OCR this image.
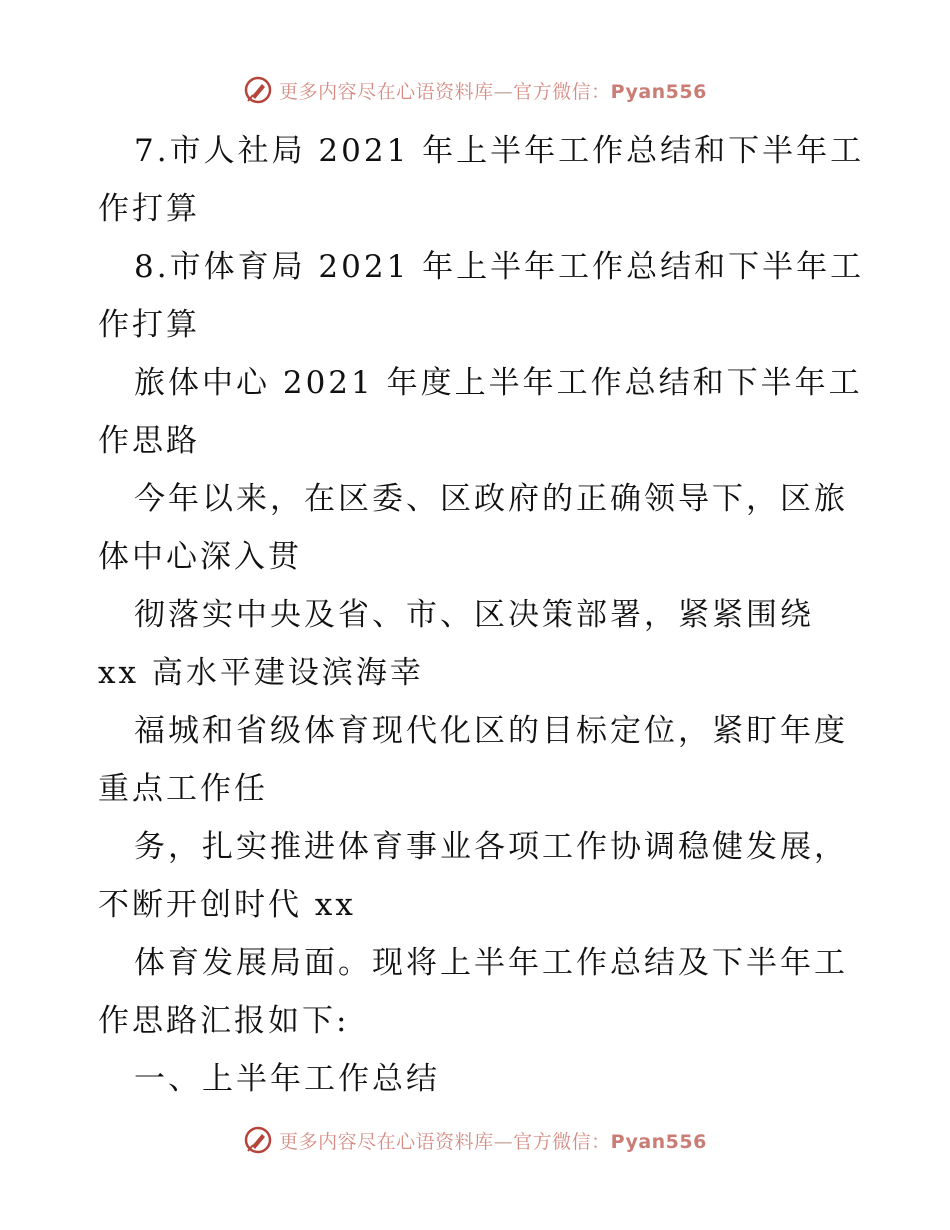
更多内容尽在心语资料库—官方微信：Pyan556
7.市人社局 2021 年上半年工作总结和下半年工
作打算
8.市体育局 2021 年上半年工作总结和下半年工
作打算
旅体中心 2021 年度上半年工作总结和下半年工
作思路
今年以来，在区委、区政府的正确领导下，区旅
体中心深入贯
彻落实中央及省、市、区决策部署，紧紧围绕
xx 高水平建设滨海幸
福城和省级体育现代化区的目标定位，紧盯年度
重点工作任
务，扎实推进体育事业各项工作协调稳健发展，
不断开创时代 xx
体育发展局面。现将上半年工作总结及下半年工
作思路汇报如下:
一、上半年工作总结
更多内容尽在心语资料库—官方微信：Pyan556
